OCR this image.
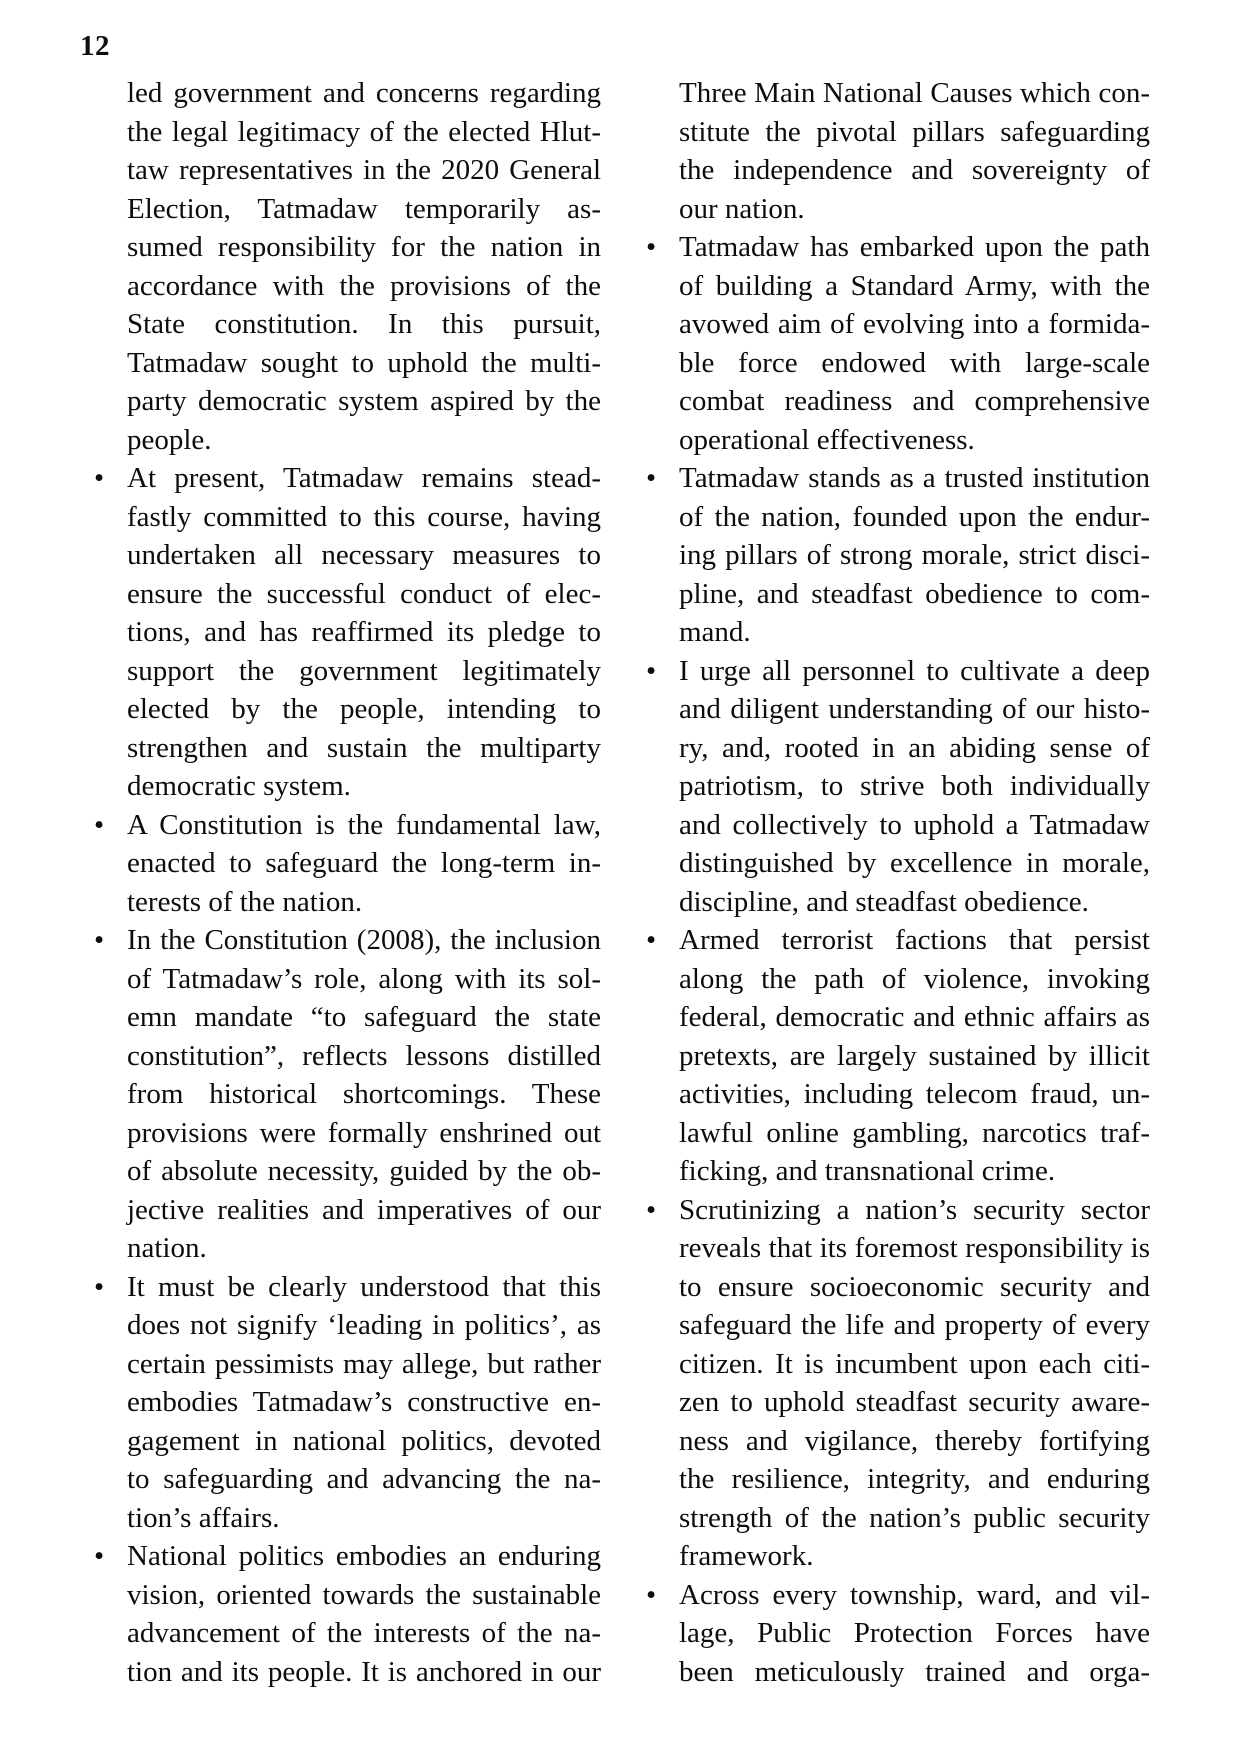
12
led government and concerns regarding
the legal legitimacy of the elected Hlut-
taw representatives in the 2020 General
Election, Tatmadaw temporarily as-
sumed responsibility for the nation in
accordance with the provisions of the
State constitution. In this pursuit,
Tatmadaw sought to uphold the multi-
party democratic system aspired by the
people.
• At present, Tatmadaw remains stead-
fastly committed to this course, having
undertaken all necessary measures to
ensure the successful conduct of elec-
tions, and has reaffirmed its pledge to
support the government legitimately
elected by the people, intending to
strengthen and sustain the multiparty
democratic system.
• A Constitution is the fundamental law,
enacted to safeguard the long-term in-
terests of the nation.
• In the Constitution (2008), the inclusion
of Tatmadaw’s role, along with its sol-
emn mandate “to safeguard the state
constitution”, reflects lessons distilled
from historical shortcomings. These
provisions were formally enshrined out
of absolute necessity, guided by the ob-
jective realities and imperatives of our
nation.
• It must be clearly understood that this
does not signify ‘leading in politics’, as
certain pessimists may allege, but rather
embodies Tatmadaw’s constructive en-
gagement in national politics, devoted
to safeguarding and advancing the na-
tion’s affairs.
• National politics embodies an enduring
vision, oriented towards the sustainable
advancement of the interests of the na-
tion and its people. It is anchored in our
Three Main National Causes which con-
stitute the pivotal pillars safeguarding
the independence and sovereignty of
our nation.
• Tatmadaw has embarked upon the path
of building a Standard Army, with the
avowed aim of evolving into a formida-
ble force endowed with large-scale
combat readiness and comprehensive
operational effectiveness.
• Tatmadaw stands as a trusted institution
of the nation, founded upon the endur-
ing pillars of strong morale, strict disci-
pline, and steadfast obedience to com-
mand.
• I urge all personnel to cultivate a deep
and diligent understanding of our histo-
ry, and, rooted in an abiding sense of
patriotism, to strive both individually
and collectively to uphold a Tatmadaw
distinguished by excellence in morale,
discipline, and steadfast obedience.
• Armed terrorist factions that persist
along the path of violence, invoking
federal, democratic and ethnic affairs as
pretexts, are largely sustained by illicit
activities, including telecom fraud, un-
lawful online gambling, narcotics traf-
ficking, and transnational crime.
• Scrutinizing a nation’s security sector
reveals that its foremost responsibility is
to ensure socioeconomic security and
safeguard the life and property of every
citizen. It is incumbent upon each citi-
zen to uphold steadfast security aware-
ness and vigilance, thereby fortifying
the resilience, integrity, and enduring
strength of the nation’s public security
framework.
• Across every township, ward, and vil-
lage, Public Protection Forces have
been meticulously trained and orga-
